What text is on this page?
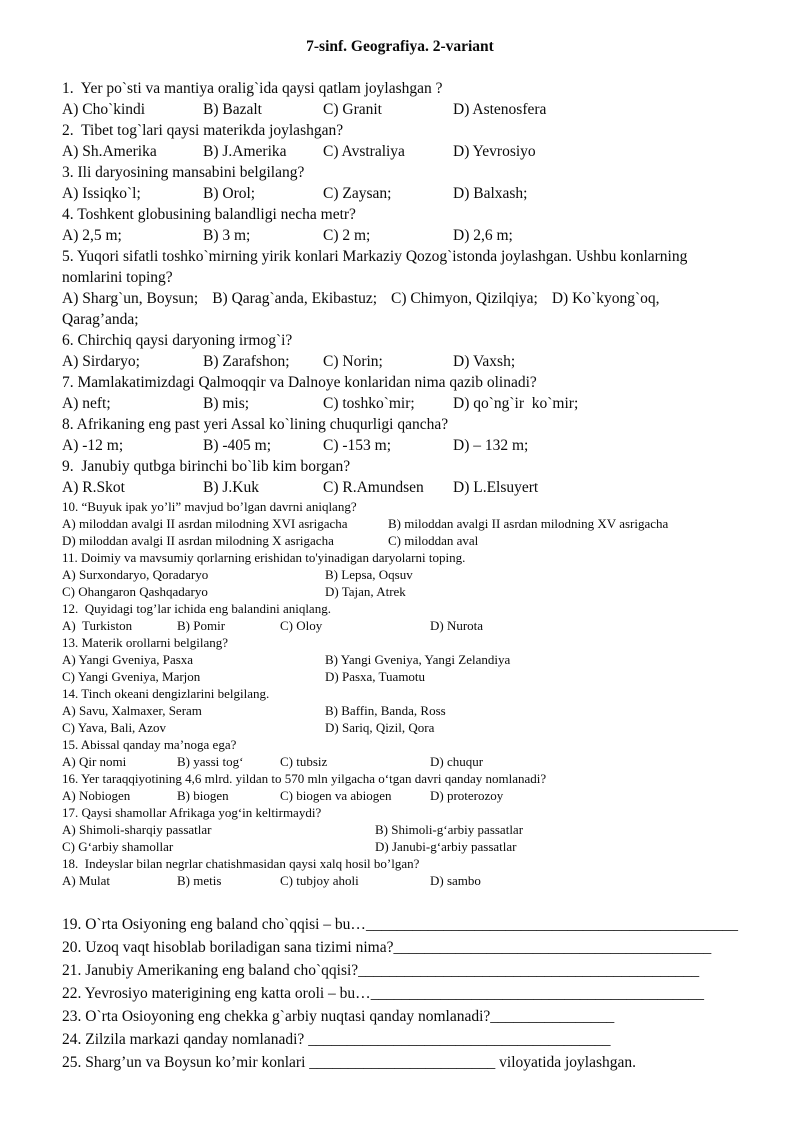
7-sinf. Geografiya. 2-variant
1.  Yer po`sti va mantiya oralig`ida qaysi qatlam joylashgan ?
A) Cho`kindi	B) Bazalt	C) Granit	D) Astenosfera
2.  Tibet tog`lari qaysi materikda joylashgan?
A) Sh.Amerika	B) J.Amerika	C) Avstraliya	D) Yevrosiyo
3. Ili daryosining mansabini belgilang?
A) Issiqko`l;	B) Orol;	C) Zaysan;	D) Balxash;
4. Toshkent globusining balandligi necha metr?
A) 2,5 m;	B) 3 m;	C) 2 m;	D) 2,6 m;
5. Yuqori sifatli toshko`mirning yirik konlari Markaziy Qozog`istonda joylashgan. Ushbu konlarning nomlarini toping?
A) Sharg`un, Boysun; B) Qarag`anda, Ekibastuz; C) Chimyon, Qizilqiya; D) Ko`kyong`oq, Qarag’anda;
6. Chirchiq qaysi daryoning irmog`i?
A) Sirdaryo;	B) Zarafshon;	C) Norin;	D) Vaxsh;
7. Mamlakatimizdagi Qalmoqqir va Dalnoye konlaridan nima qazib olinadi?
A) neft;	B) mis;	C) toshko`mir;	D) qo`ng`ir  ko`mir;
8. Afrikaning eng past yeri Assal ko`lining chuqurligi qancha?
A) -12 m;	B) -405 m;	C) -153 m;	D) – 132 m;
9.  Janubiy qutbga birinchi bo`lib kim borgan?
A) R.Skot	B) J.Kuk	C) R.Amundsen	D) L.Elsuyert
10. “Buyuk ipak yo’li” mavjud bo’lgan davrni aniqlang?
A) miloddan avalgi II asrdan milodning XVI asrigacha	B) miloddan avalgi II asrdan milodning XV asrigacha
D) miloddan avalgi II asrdan milodning X asrigacha	C) miloddan aval
11. Doimiy va mavsumiy qorlarning erishidan to'yinadigan daryolarni toping.
A) Surxondaryo, Qoradaryo	B) Lepsa, Oqsuv
C) Ohangaron Qashqadaryo	D) Tajan, Atrek
12.  Quyidagi tog’lar ichida eng balandini aniqlang.
A)  Turkiston	B) Pomir	C) Oloy	D) Nurota
13. Materik orollarni belgilang?
A) Yangi Gveniya, Pasxa	B) Yangi Gveniya, Yangi Zelandiya
C) Yangi Gveniya, Marjon	D) Pasxa, Tuamotu
14. Tinch okeani dengizlarini belgilang.
A) Savu, Xalmaxer, Seram	B) Baffin, Banda, Ross
C) Yava, Bali, Azov	D) Sariq, Qizil, Qora
15. Abissal qanday ma’noga ega?
A) Qir nomi	B) yassi tog‘	C) tubsiz	D) chuqur
16. Yer taraqqiyotining 4,6 mlrd. yildan to 570 mln yilgacha o‘tgan davri qanday nomlanadi?
A) Nobiogen	B) biogen	C) biogen va abiogen	D) proterozoy
17. Qaysi shamollar Afrikaga yog‘in keltirmaydi?
A) Shimoli-sharqiy passatlar	B) Shimoli-g‘arbiy passatlar
C) G‘arbiy shamollar	D) Janubi-g‘arbiy passatlar
18.  Indeyslar bilan negrlar chatishmasidan qaysi xalq hosil bo’lgan?
A) Mulat	B) metis	C) tubjoy aholi	D) sambo
19. O`rta Osiyoning eng baland cho`qqisi – bu…________________________________________________
20. Uzoq vaqt hisoblab boriladigan sana tizimi nima?_________________________________________
21. Janubiy Amerikaning eng baland cho`qqisi?____________________________________________
22. Yevrosiyo materigining eng katta oroli – bu…___________________________________________
23. O`rta Osioyoning eng chekka g`arbiy nuqtasi qanday nomlanadi?________________
24. Zilzila markazi qanday nomlanadi? _______________________________________
25. Sharg’un va Boysun ko’mir konlari ________________________ viloyatida joylashgan.
